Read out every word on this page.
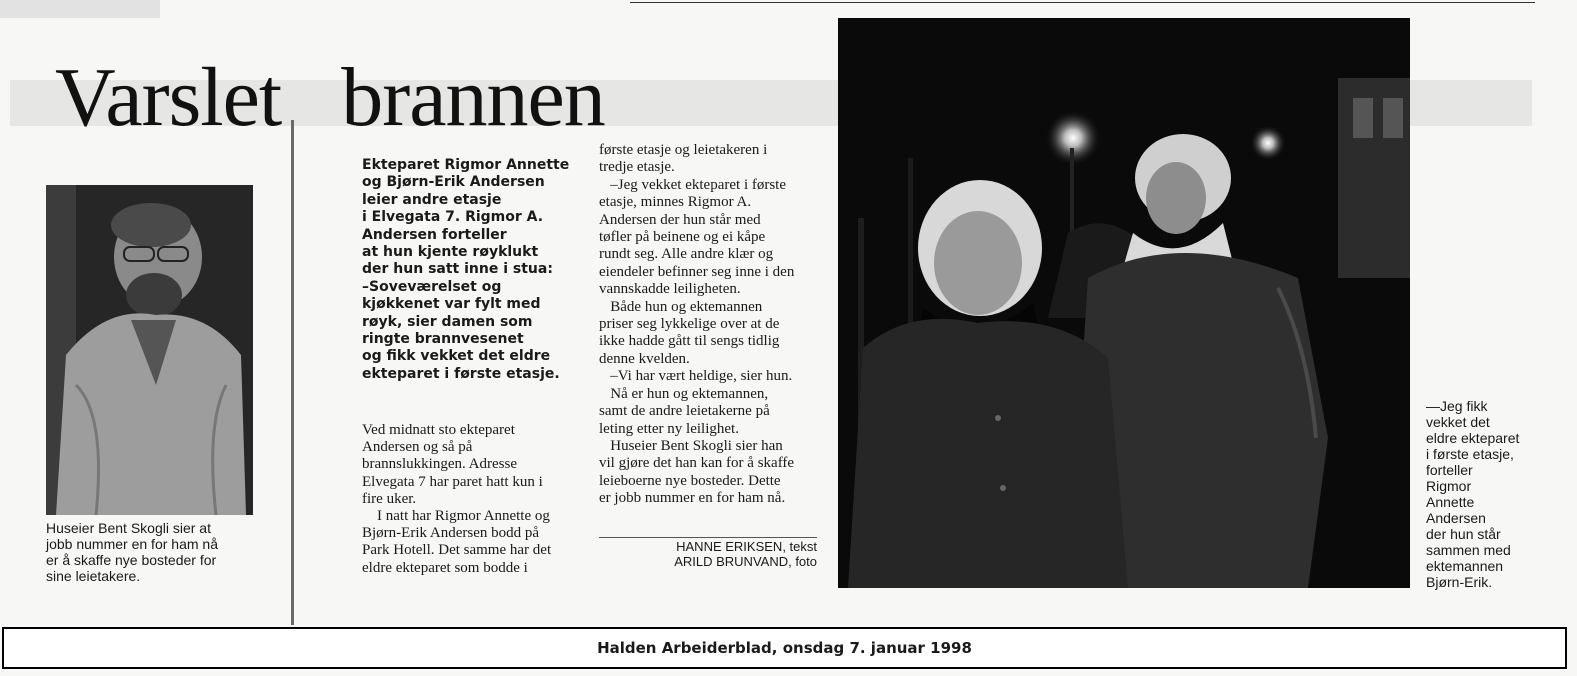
Varslet   brannen
Huseier Bent Skogli sier at
jobb nummer en for ham nå
er å skaffe nye bosteder for
sine leietakere.
Ekteparet Rigmor Annette
og Bjørn-Erik Andersen
leier andre etasje
i Elvegata 7. Rigmor A.
Andersen forteller
at hun kjente røyklukt
der hun satt inne i stua:
–Soveværelset og
kjøkkenet var fylt med
røyk, sier damen som
ringte brannvesenet
og fikk vekket det eldre
ekteparet i første etasje.
Ved midnatt sto ekteparet
Andersen og så på
brannslukkingen. Adresse
Elvegata 7 har paret hatt kun i
fire uker.
I natt har Rigmor Annette og
Bjørn-Erik Andersen bodd på
Park Hotell. Det samme har det
eldre ekteparet som bodde i
første etasje og leietakeren i
tredje etasje.
–Jeg vekket ekteparet i første
etasje, minnes Rigmor A.
Andersen der hun står med
tøfler på beinene og ei kåpe
rundt seg. Alle andre klær og
eiendeler befinner seg inne i den
vannskadde leiligheten.
Både hun og ektemannen
priser seg lykkelige over at de
ikke hadde gått til sengs tidlig
denne kvelden.
–Vi har vært heldige, sier hun.
Nå er hun og ektemannen,
samt de andre leietakerne på
leting etter ny leilighet.
Huseier Bent Skogli sier han
vil gjøre det han kan for å skaffe
leieboerne nye bosteder. Dette
er jobb nummer en for ham nå.
HANNE ERIKSEN, tekst
ARILD BRUNVAND, foto
—Jeg fikk
vekket det
eldre ekteparet
i første etasje,
forteller
Rigmor
Annette
Andersen
der hun står
sammen med
ektemannen
Bjørn-Erik.
Halden Arbeiderblad, onsdag 7. januar 1998
